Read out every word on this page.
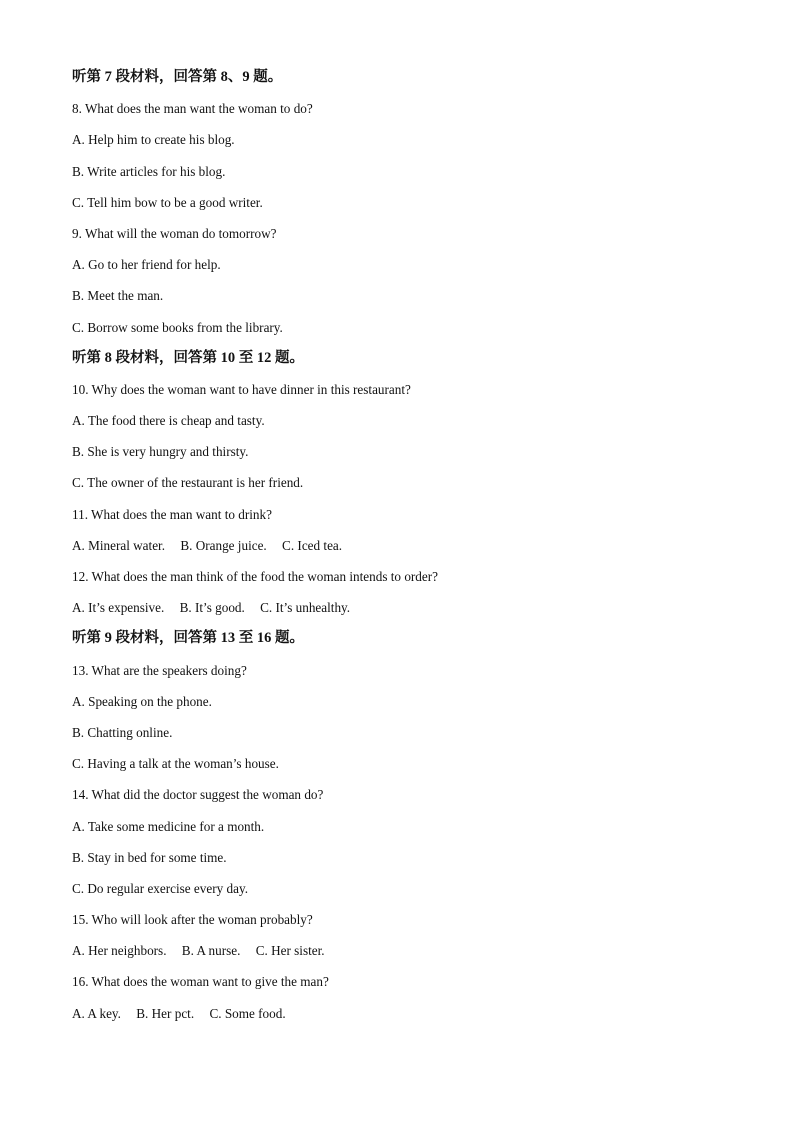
听第 7 段材料，回答第 8、9 题。
8. What does the man want the woman to do?
A. Help him to create his blog.
B. Write articles for his blog.
C. Tell him bow to be a good writer.
9. What will the woman do tomorrow?
A. Go to her friend for help.
B. Meet the man.
C. Borrow some books from the library.
听第 8 段材料，回答第 10 至 12 题。
10. Why does the woman want to have dinner in this restaurant?
A. The food there is cheap and tasty.
B. She is very hungry and thirsty.
C. The owner of the restaurant is her friend.
11. What does the man want to drink?
A. Mineral water. B. Orange juice. C. Iced tea.
12. What does the man think of the food the woman intends to order?
A. It’s expensive. B. It’s good. C. It’s unhealthy.
听第 9 段材料，回答第 13 至 16 题。
13. What are the speakers doing?
A. Speaking on the phone.
B. Chatting online.
C. Having a talk at the woman’s house.
14. What did the doctor suggest the woman do?
A. Take some medicine for a month.
B. Stay in bed for some time.
C. Do regular exercise every day.
15. Who will look after the woman probably?
A. Her neighbors. B. A nurse. C. Her sister.
16. What does the woman want to give the man?
A. A key. B. Her pct. C. Some food.
